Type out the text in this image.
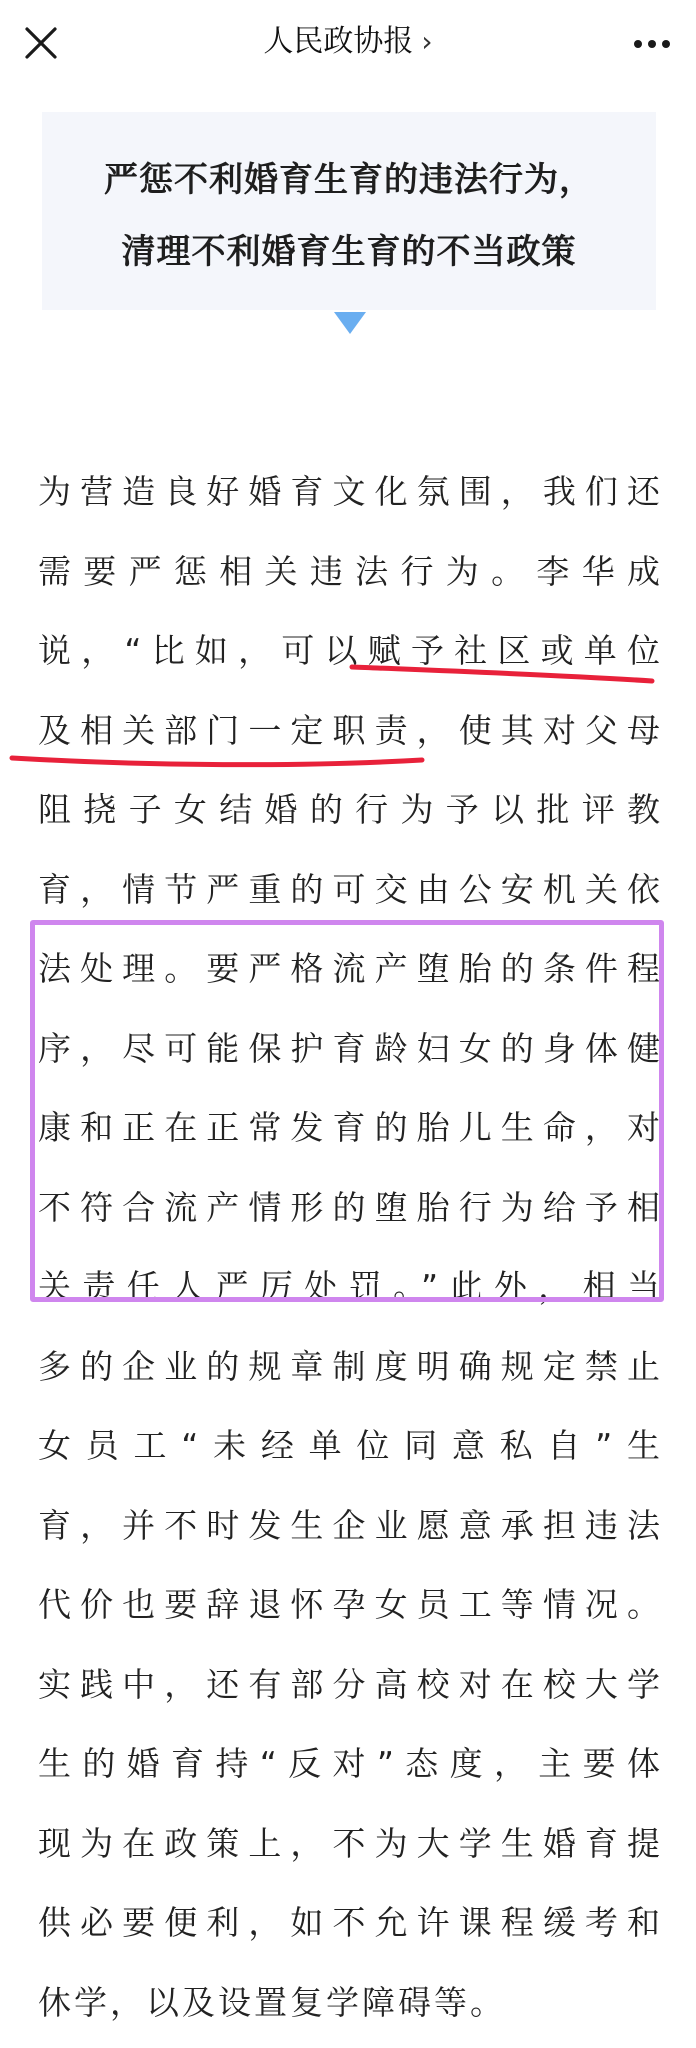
人民政协报 ›
严惩不利婚育生育的违法行为，
清理不利婚育生育的不当政策
为营造良好婚育文化氛围，我们还
需要严惩相关违法行为。李华成
说，“比如，可以赋予社区或单位
及相关部门一定职责，使其对父母
阻挠子女结婚的行为予以批评教
育，情节严重的可交由公安机关依
法处理。要严格流产堕胎的条件程
序，尽可能保护育龄妇女的身体健
康和正在正常发育的胎儿生命，对
不符合流产情形的堕胎行为给予相
关责任人严厉处罚。”此外，相当
多的企业的规章制度明确规定禁止
女员工“未经单位同意私自”生
育，并不时发生企业愿意承担违法
代价也要辞退怀孕女员工等情况。
实践中，还有部分高校对在校大学
生的婚育持“反对”态度，主要体
现为在政策上，不为大学生婚育提
供必要便利，如不允许课程缓考和
休学，以及设置复学障碍等。
